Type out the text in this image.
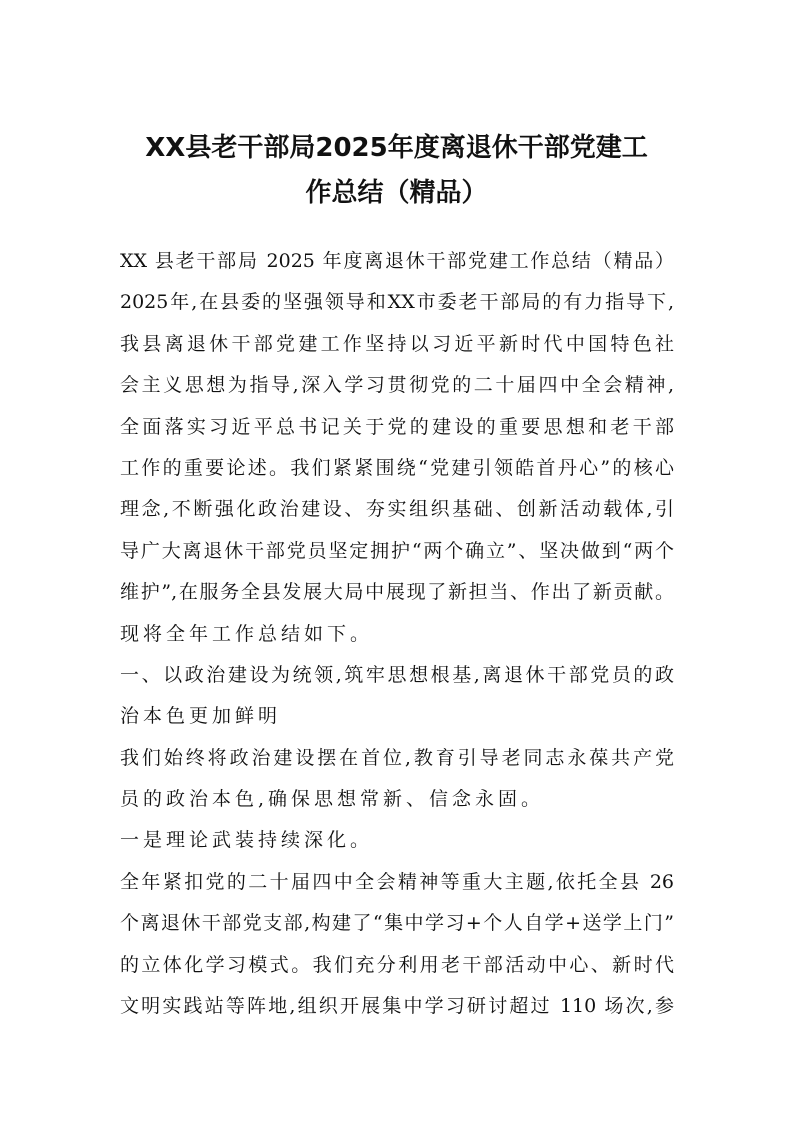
XX县老干部局2025年度离退休干部党建工
作总结（精品）
XX 县老干部局 2025 年度离退休干部党建工作总结（精品）
2025年,在县委的坚强领导和XX市委老干部局的有力指导下,
我县离退休干部党建工作坚持以习近平新时代中国特色社
会主义思想为指导,深入学习贯彻党的二十届四中全会精神,
全面落实习近平总书记关于党的建设的重要思想和老干部
工作的重要论述。我们紧紧围绕“党建引领皓首丹心”的核心
理念,不断强化政治建设、夯实组织基础、创新活动载体,引
导广大离退休干部党员坚定拥护“两个确立”、坚决做到“两个
维护”,在服务全县发展大局中展现了新担当、作出了新贡献。
现将全年工作总结如下。
一、以政治建设为统领,筑牢思想根基,离退休干部党员的政
治本色更加鲜明
我们始终将政治建设摆在首位,教育引导老同志永葆共产党
员的政治本色,确保思想常新、信念永固。
一是理论武装持续深化。
全年紧扣党的二十届四中全会精神等重大主题,依托全县 26
个离退休干部党支部,构建了“集中学习+个人自学+送学上门”
的立体化学习模式。我们充分利用老干部活动中心、新时代
文明实践站等阵地,组织开展集中学习研讨超过 110 场次,参
